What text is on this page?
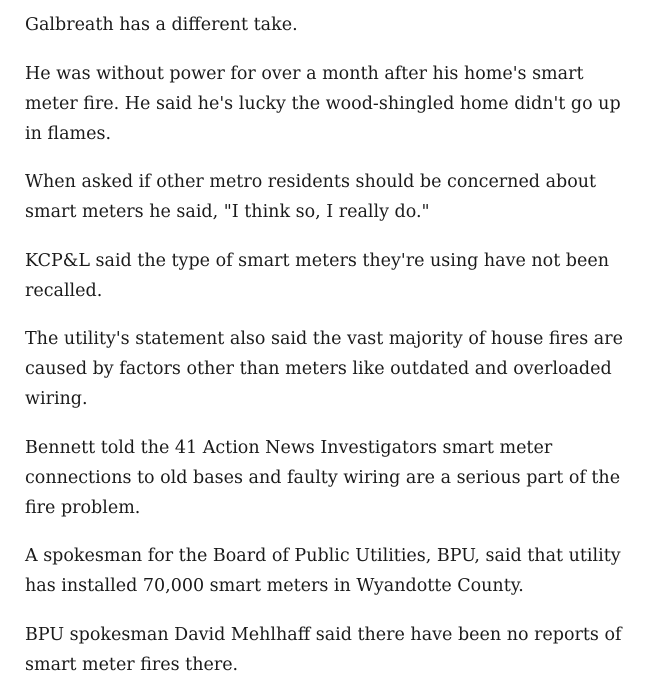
Galbreath has a different take.

He was without power for over a month after his home's smart meter fire. He said he's lucky the wood-shingled home didn't go up in flames.

When asked if other metro residents should be concerned about smart meters he said, "I think so, I really do."

KCP&L said the type of smart meters they're using have not been recalled.

The utility's statement also said the vast majority of house fires are caused by factors other than meters like outdated and overloaded wiring.

Bennett told the 41 Action News Investigators smart meter connections to old bases and faulty wiring are a serious part of the fire problem.

A spokesman for the Board of Public Utilities, BPU, said that utility has installed 70,000 smart meters in Wyandotte County.

BPU spokesman David Mehlhaff said there have been no reports of smart meter fires there.
